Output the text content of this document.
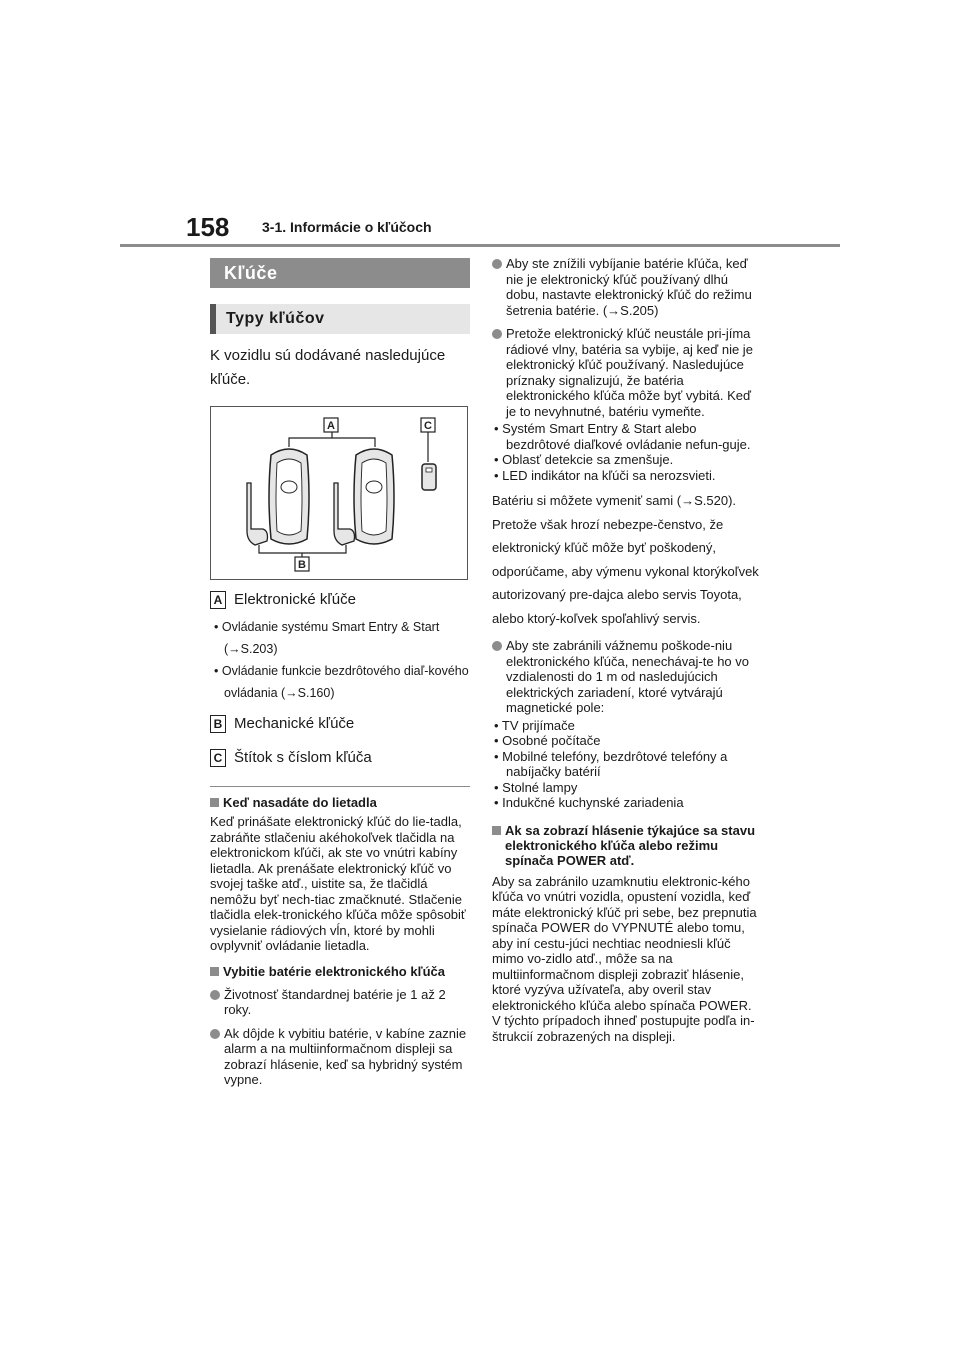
158 3-1. Informácie o kľúčoch
Kľúče
Typy kľúčov
K vozidlu sú dodávané nasledujúce kľúče.
A	C
B
A Elektronické kľúče
• Ovládanie systému Smart Entry & Start (→S.203)
• Ovládanie funkcie bezdrôtového diaľ-kového ovládania (→S.160)
B Mechanické kľúče
C Štítok s číslom kľúča
Keď nasadáte do lietadla
Keď prinášate elektronický kľúč do lie-tadla, zabráňte stlačeniu akéhokoľvek tlačidla na elektronickom kľúči, ak ste vo vnútri kabíny lietadla. Ak prenášate elektronický kľúč vo svojej taške atď., uistite sa, že tlačidlá nemôžu byť nech-tiac zmačknuté. Stlačenie tlačidla elek-tronického kľúča môže spôsobiť vysielanie rádiových vĺn, ktoré by mohli ovplyvniť ovládanie lietadla.
Vybitie batérie elektronického kľúča
Životnosť štandardnej batérie je 1 až 2 roky.
Ak dôjde k vybitiu batérie, v kabíne zaznie alarm a na multiinformačnom displeji sa zobrazí hlásenie, keď sa hybridný systém vypne.
Aby ste znížili vybíjanie batérie kľúča, keď nie je elektronický kľúč používaný dlhú dobu, nastavte elektronický kľúč do režimu šetrenia batérie. (→S.205)
Pretože elektronický kľúč neustále pri-jíma rádiové vlny, batéria sa vybije, aj keď nie je elektronický kľúč používaný. Nasledujúce príznaky signalizujú, že batéria elektronického kľúča môže byť vybitá. Keď je to nevyhnutné, batériu vymeňte.
• Systém Smart Entry & Start alebo bezdrôtové diaľkové ovládanie nefun-guje.
• Oblasť detekcie sa zmenšuje.
• LED indikátor na kľúči sa nerozsvieti.
Batériu si môžete vymeniť sami (→S.520). Pretože však hrozí nebezpe-čenstvo, že elektronický kľúč môže byť poškodený, odporúčame, aby výmenu vykonal ktorýkoľvek autorizovaný pre-dajca alebo servis Toyota, alebo ktorý-koľvek spoľahlivý servis.
Aby ste zabránili vážnemu poškode-niu elektronického kľúča, nenechávaj-te ho vo vzdialenosti do 1 m od nasledujúcich elektrických zariadení, ktoré vytvárajú magnetické pole:
• TV prijímače
• Osobné počítače
• Mobilné telefóny, bezdrôtové telefóny a nabíjačky batérií
• Stolné lampy
• Indukčné kuchynské zariadenia
Ak sa zobrazí hlásenie týkajúce sa stavu elektronického kľúča alebo režimu spínača POWER atď.
Aby sa zabránilo uzamknutiu elektronic-kého kľúča vo vnútri vozidla, opustení vozidla, keď máte elektronický kľúč pri sebe, bez prepnutia spínača POWER do VYPNUTÉ alebo tomu, aby iní cestu-júci nechtiac neodniesli kľúč mimo vo-zidlo atď., môže sa na multiinformačnom displeji zobraziť hlásenie, ktoré vyzýva užívateľa, aby overil stav elektronického kľúča alebo spínača POWER. V týchto prípadoch ihneď postupujte podľa in-štrukcií zobrazených na displeji.
